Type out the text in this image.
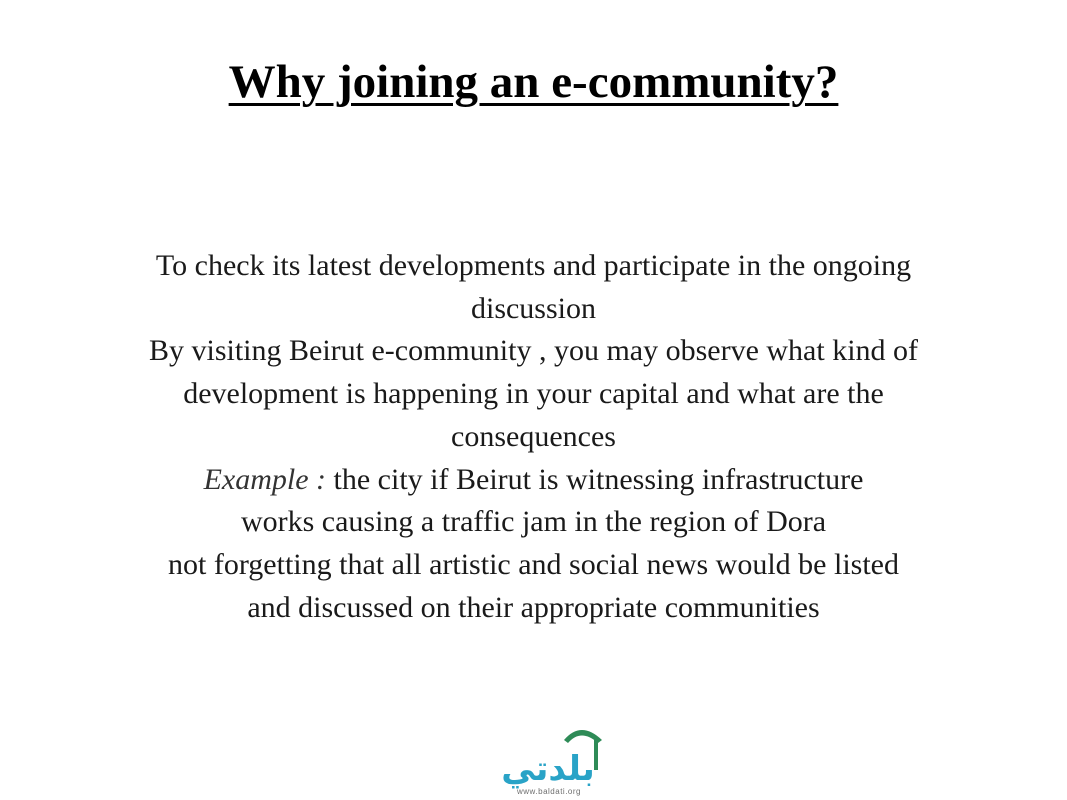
Why joining an e-community?
To check its latest developments and participate in the ongoing
discussion
By visiting Beirut e-community , you may observe what kind of
development is happening in your capital and what are the
consequences
Example : the city if Beirut is witnessing infrastructure
works causing a traffic jam in the region of Dora
not forgetting that all artistic and social news would be listed
and discussed on their appropriate communities
بلدتي
www.baldati.org
